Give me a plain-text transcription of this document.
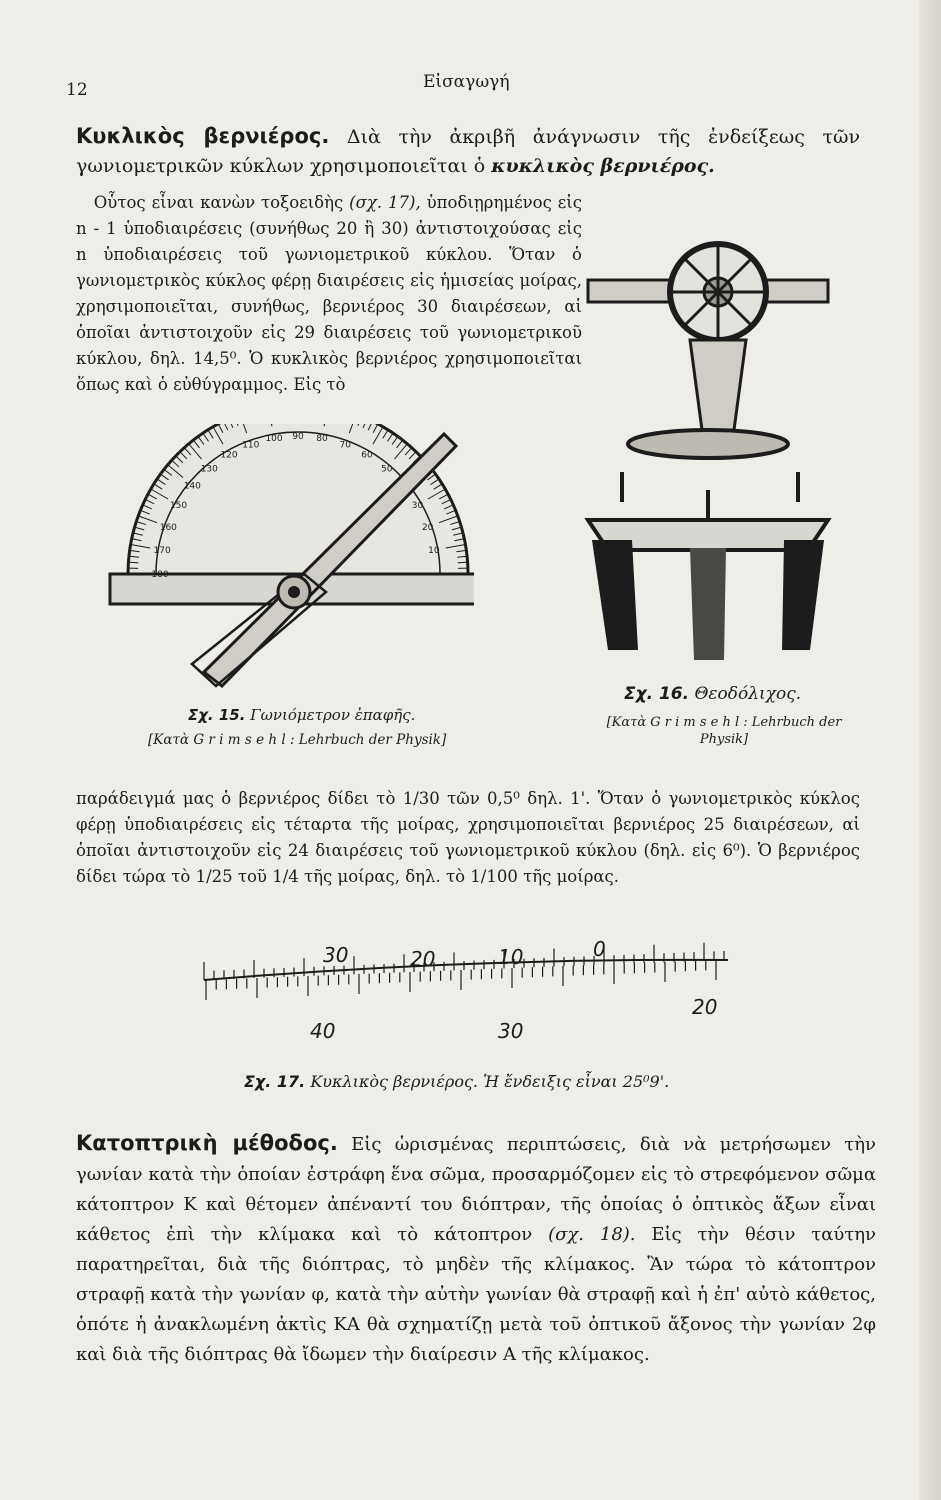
12	Εἰσαγωγή
Κυκλικὸς βερνιέρος. Διὰ τὴν ἀκριβῆ ἀνάγνωσιν τῆς ἐνδείξεως τῶν γωνιομετρικῶν κύκλων χρησιμοποιεῖται ὁ κυκλικὸς βερνιέρος.
Οὗτος εἶναι κανὼν τοξοειδὴς (σχ. 17), ὑποδιῃρημένος εἰς n - 1 ὑποδιαιρέσεις (συνήθως 20 ἢ 30) ἀντιστοιχούσας εἰς n ὑποδιαιρέσεις τοῦ γωνιομετρικοῦ κύκλου. Ὅταν ὁ γωνιομετρικὸς κύκλος φέρῃ διαιρέσεις εἰς ἡμισείας μοίρας, χρησιμοποιεῖται, συνήθως, βερνιέρος 30 διαιρέσεων, αἱ ὁποῖαι ἀντιστοιχοῦν εἰς 29 διαιρέσεις τοῦ γωνιομετρικοῦ κύκλου, δηλ. 14,5⁰. Ὁ κυκλικὸς βερνιέρος χρησιμοποιεῖται ὅπως καὶ ὁ εὐθύγραμμος. Εἰς τὸ
180
170
160
150
140
130
120
110
100 90 80
70
60
50
30
20
10
Σχ. 15. Γωνιόμετρον ἐπαφῆς.
[Κατὰ G r i m s e h l : Lehrbuch der Physik]
Σχ. 16. Θεοδόλιχος.
[Κατὰ G r i m s e h l : Lehrbuch der Physik]
παράδειγμά μας ὁ βερνιέρος δίδει τὸ 1/30 τῶν 0,5⁰ δηλ. 1'. Ὅταν ὁ γωνιομετρικὸς κύκλος φέρῃ ὑποδιαιρέσεις εἰς τέταρτα τῆς μοίρας, χρησιμοποιεῖται βερνιέρος 25 διαιρέσεων, αἱ ὁποῖαι ἀντιστοιχοῦν εἰς 24 διαιρέσεις τοῦ γωνιομετρικοῦ κύκλου (δηλ. εἰς 6⁰). Ὁ βερνιέρος δίδει τώρα τὸ 1/25 τοῦ 1/4 τῆς μοίρας, δηλ. τὸ 1/100 τῆς μοίρας.
30	20	10	0
40	30
20
Σχ. 17. Κυκλικὸς βερνιέρος. Ἡ ἔνδειξις εἶναι 25⁰9'.
Κατοπτρικὴ μέθοδος. Εἰς ὡρισμένας περιπτώσεις, διὰ νὰ μετρήσωμεν τὴν γωνίαν κατὰ τὴν ὁποίαν ἐστράφη ἕνα σῶμα, προσαρμόζομεν εἰς τὸ στρεφόμενον σῶμα κάτοπτρον Κ καὶ θέτομεν ἀπέναντί του διόπτραν, τῆς ὁποίας ὁ ὀπτικὸς ἄξων εἶναι κάθετος ἐπὶ τὴν κλίμακα καὶ τὸ κάτοπτρον (σχ. 18). Εἰς τὴν θέσιν ταύτην παρατηρεῖται, διὰ τῆς διόπτρας, τὸ μηδὲν τῆς κλίμακος. Ἂν τώρα τὸ κάτοπτρον στραφῇ κατὰ τὴν γωνίαν φ, κατὰ τὴν αὐτὴν γωνίαν θὰ στραφῇ καὶ ἡ ἐπ' αὐτὸ κάθετος, ὁπότε ἡ ἀνακλωμένη ἀκτὶς ΚΑ θὰ σχηματίζῃ μετὰ τοῦ ὀπτικοῦ ἄξονος τὴν γωνίαν 2φ καὶ διὰ τῆς διόπτρας θὰ ἴδωμεν τὴν διαίρεσιν Α τῆς κλίμακος.
